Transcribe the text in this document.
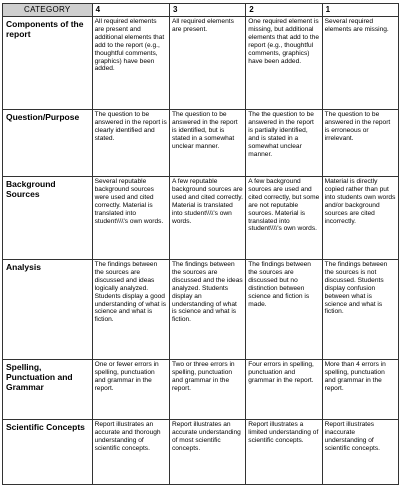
CATEGORY	4	3	2	1
Components of the report	All required elements are present and additional elements that add to the report (e.g., thoughtful comments, graphics) have been added.	All required elements are present.	One required element is missing, but additional elements that add to the report (e.g., thoughtful comments, graphics) have been added.	Several required elements are missing.
Question/Purpose	The question to be answered in the report is clearly identified and stated.	The question to be answered in the report is identified, but is stated in a somewhat unclear manner.	The the question to be answered in the report is partially identified, and is stated in a somewhat unclear manner.	The question to be answered in the report is erroneous or irrelevant.
Background Sources	Several reputable background sources were used and cited correctly. Material is translated into student\\\\'s own words.	A few reputable background sources are used and cited correctly. Material is translated into student\\\\'s own words.	A few background sources are used and cited correctly, but some are not reputable sources. Material is translated into student\\\\'s own words.	Material is directly copied rather than put into students own words and/or background sources are cited incorrectly.
Analysis	The findings between the sources are discussed and ideas logically analyzed. Students display a good understanding of what is science and what is fiction.	The findings between the sources are discussed and the ideas analyzed. Students display an understanding of what is science and what is fiction.	The findings between the sources are discussed but no distinction between science and fiction is made.	The findings between the sources is not discussed. Students display confusion between what is science and what is fiction.
Spelling, Punctuation and Grammar	One or fewer errors in spelling, punctuation and grammar in the report.	Two or three errors in spelling, punctuation and grammar in the report.	Four errors in spelling, punctuation and grammar in the report.	More than 4 errors in spelling, punctuation and grammar in the report.
Scientific Concepts	Report illustrates an accurate and thorough understanding of scientific concepts.	Report illustrates an accurate understanding of most scientific concepts.	Report illustrates a limited understanding of scientific concepts.	Report illustrates inaccurate understanding of scientific concepts.
